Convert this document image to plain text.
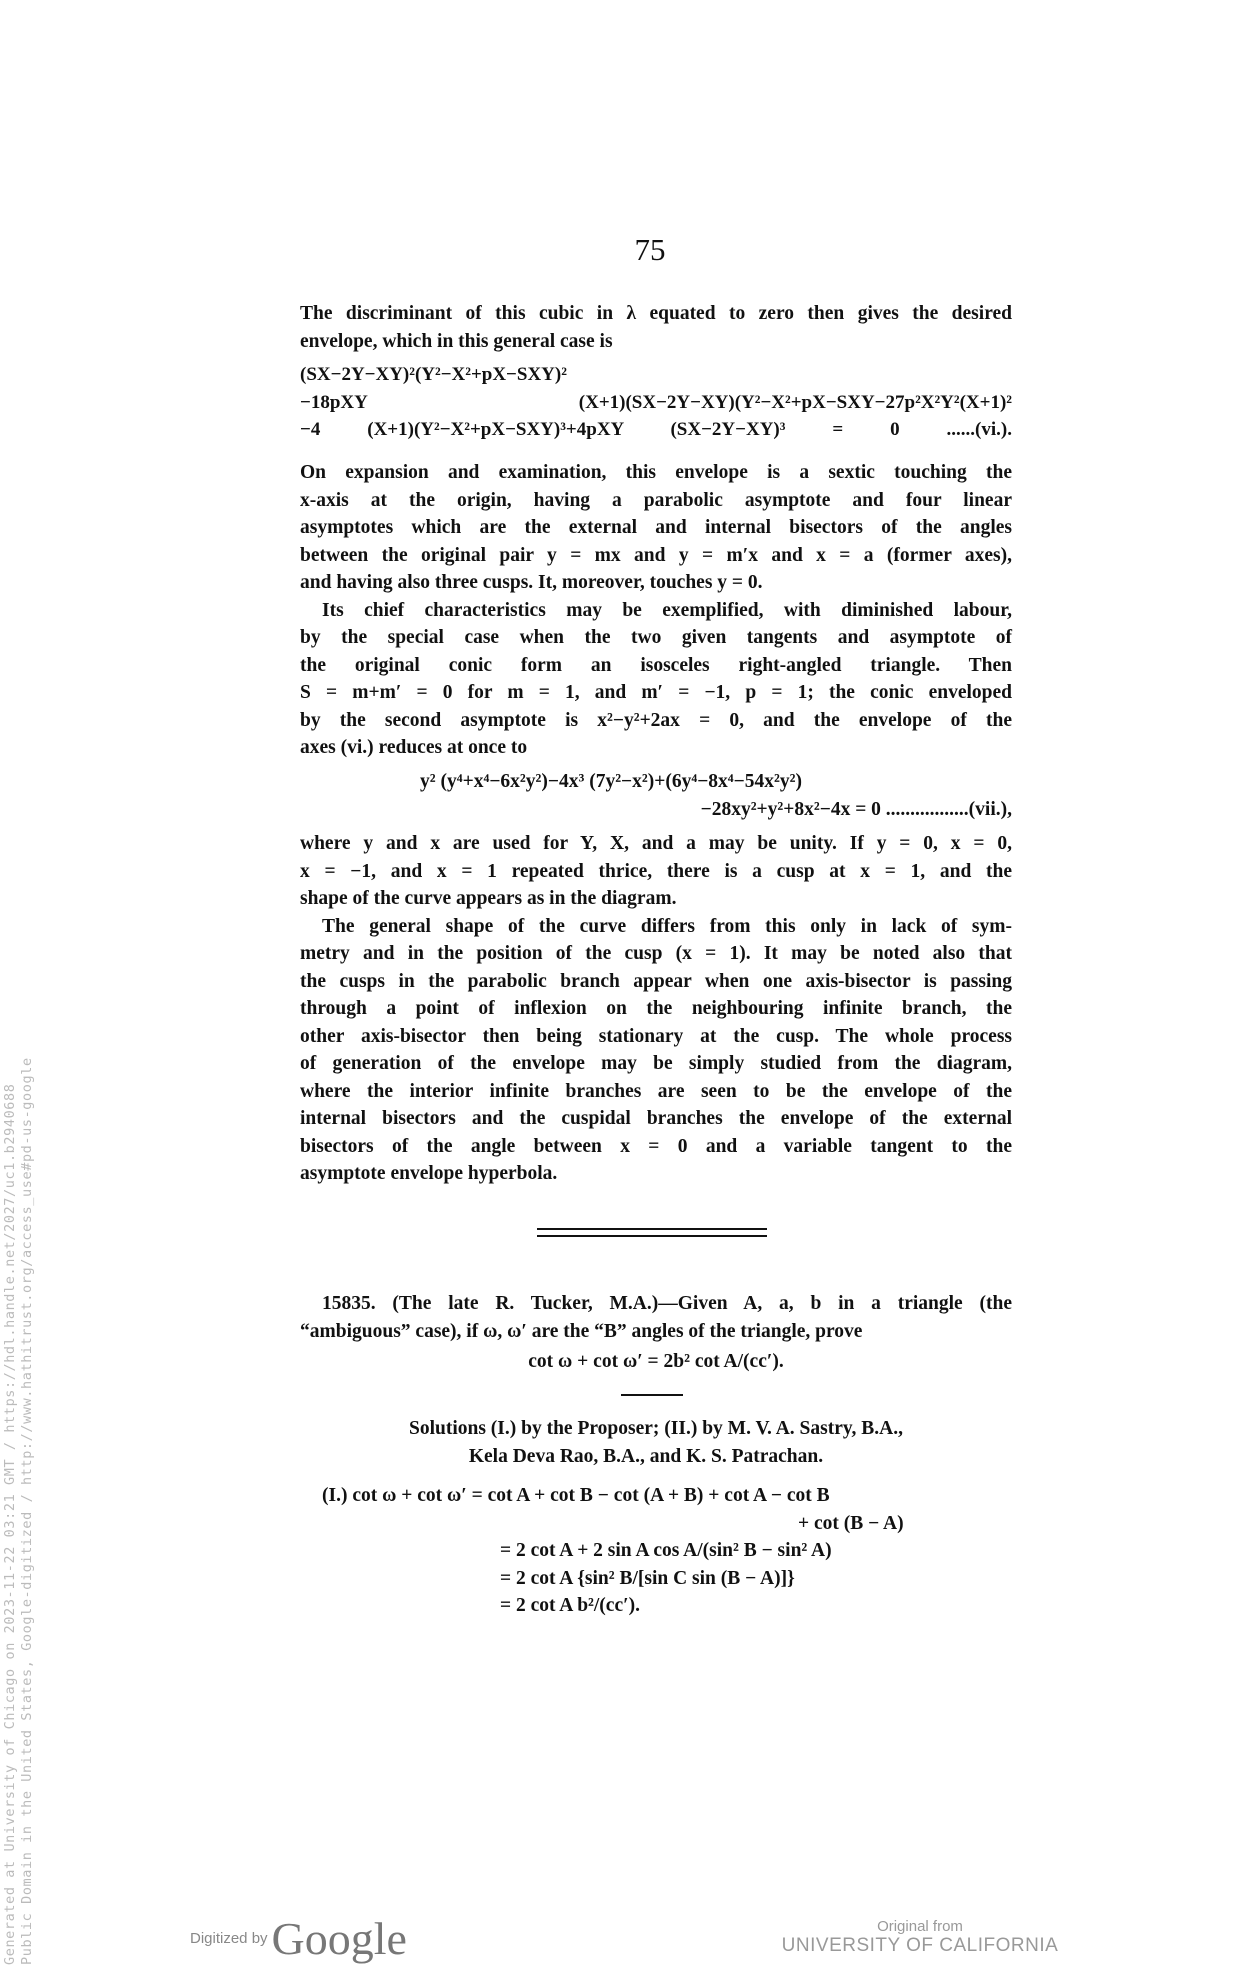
75
The discriminant of this cubic in λ equated to zero then gives the desired
envelope, which in this general case is
(SX−2Y−XY)²(Y²−X²+pX−SXY)²
−18pXY (X+1)(SX−2Y−XY)(Y²−X²+pX−SXY−27p²X²Y²(X+1)²
−4 (X+1)(Y²−X²+pX−SXY)³+4pXY (SX−2Y−XY)³ = 0 ......(vi.).
On expansion and examination, this envelope is a sextic touching the
x-axis at the origin, having a parabolic asymptote and four linear
asymptotes which are the external and internal bisectors of the angles
between the original pair y = mx and y = m′x and x = a (former axes),
and having also three cusps. It, moreover, touches y = 0.
Its chief characteristics may be exemplified, with diminished labour,
by the special case when the two given tangents and asymptote of
the original conic form an isosceles right-angled triangle. Then
S = m+m′ = 0 for m = 1, and m′ = −1, p = 1; the conic enveloped
by the second asymptote is x²−y²+2ax = 0, and the envelope of the
axes (vi.) reduces at once to
y² (y⁴+x⁴−6x²y²)−4x³ (7y²−x²)+(6y⁴−8x⁴−54x²y²)
−28xy²+y²+8x²−4x = 0 .................(vii.),
where y and x are used for Y, X, and a may be unity. If y = 0, x = 0,
x = −1, and x = 1 repeated thrice, there is a cusp at x = 1, and the
shape of the curve appears as in the diagram.
The general shape of the curve differs from this only in lack of sym-
metry and in the position of the cusp (x = 1). It may be noted also that
the cusps in the parabolic branch appear when one axis-bisector is passing
through a point of inflexion on the neighbouring infinite branch, the
other axis-bisector then being stationary at the cusp. The whole process
of generation of the envelope may be simply studied from the diagram,
where the interior infinite branches are seen to be the envelope of the
internal bisectors and the cuspidal branches the envelope of the external
bisectors of the angle between x = 0 and a variable tangent to the
asymptote envelope hyperbola.
15835. (The late R. Tucker, M.A.)—Given A, a, b in a triangle (the
“ambiguous” case), if ω, ω′ are the “B” angles of the triangle, prove
cot ω + cot ω′ = 2b² cot A/(cc′).
Solutions (I.) by the Proposer; (II.) by M. V. A. Sastry, B.A.,
Kela Deva Rao, B.A., and K. S. Patrachan.
(I.) cot ω + cot ω′ = cot A + cot B − cot (A + B) + cot A − cot B
+ cot (B − A)
= 2 cot A + 2 sin A cos A/(sin² B − sin² A)
= 2 cot A {sin² B/[sin C sin (B − A)]}
= 2 cot A b²/(cc′).
Generated at University of Chicago on 2023-11-22 03:21 GMT / https://hdl.handle.net/2027/uc1.b2940688 Public Domain in the United States, Google-digitized / http://www.hathitrust.org/access_use#pd-us-google	Digitized by Google	Original from
UNIVERSITY OF CALIFORNIA
